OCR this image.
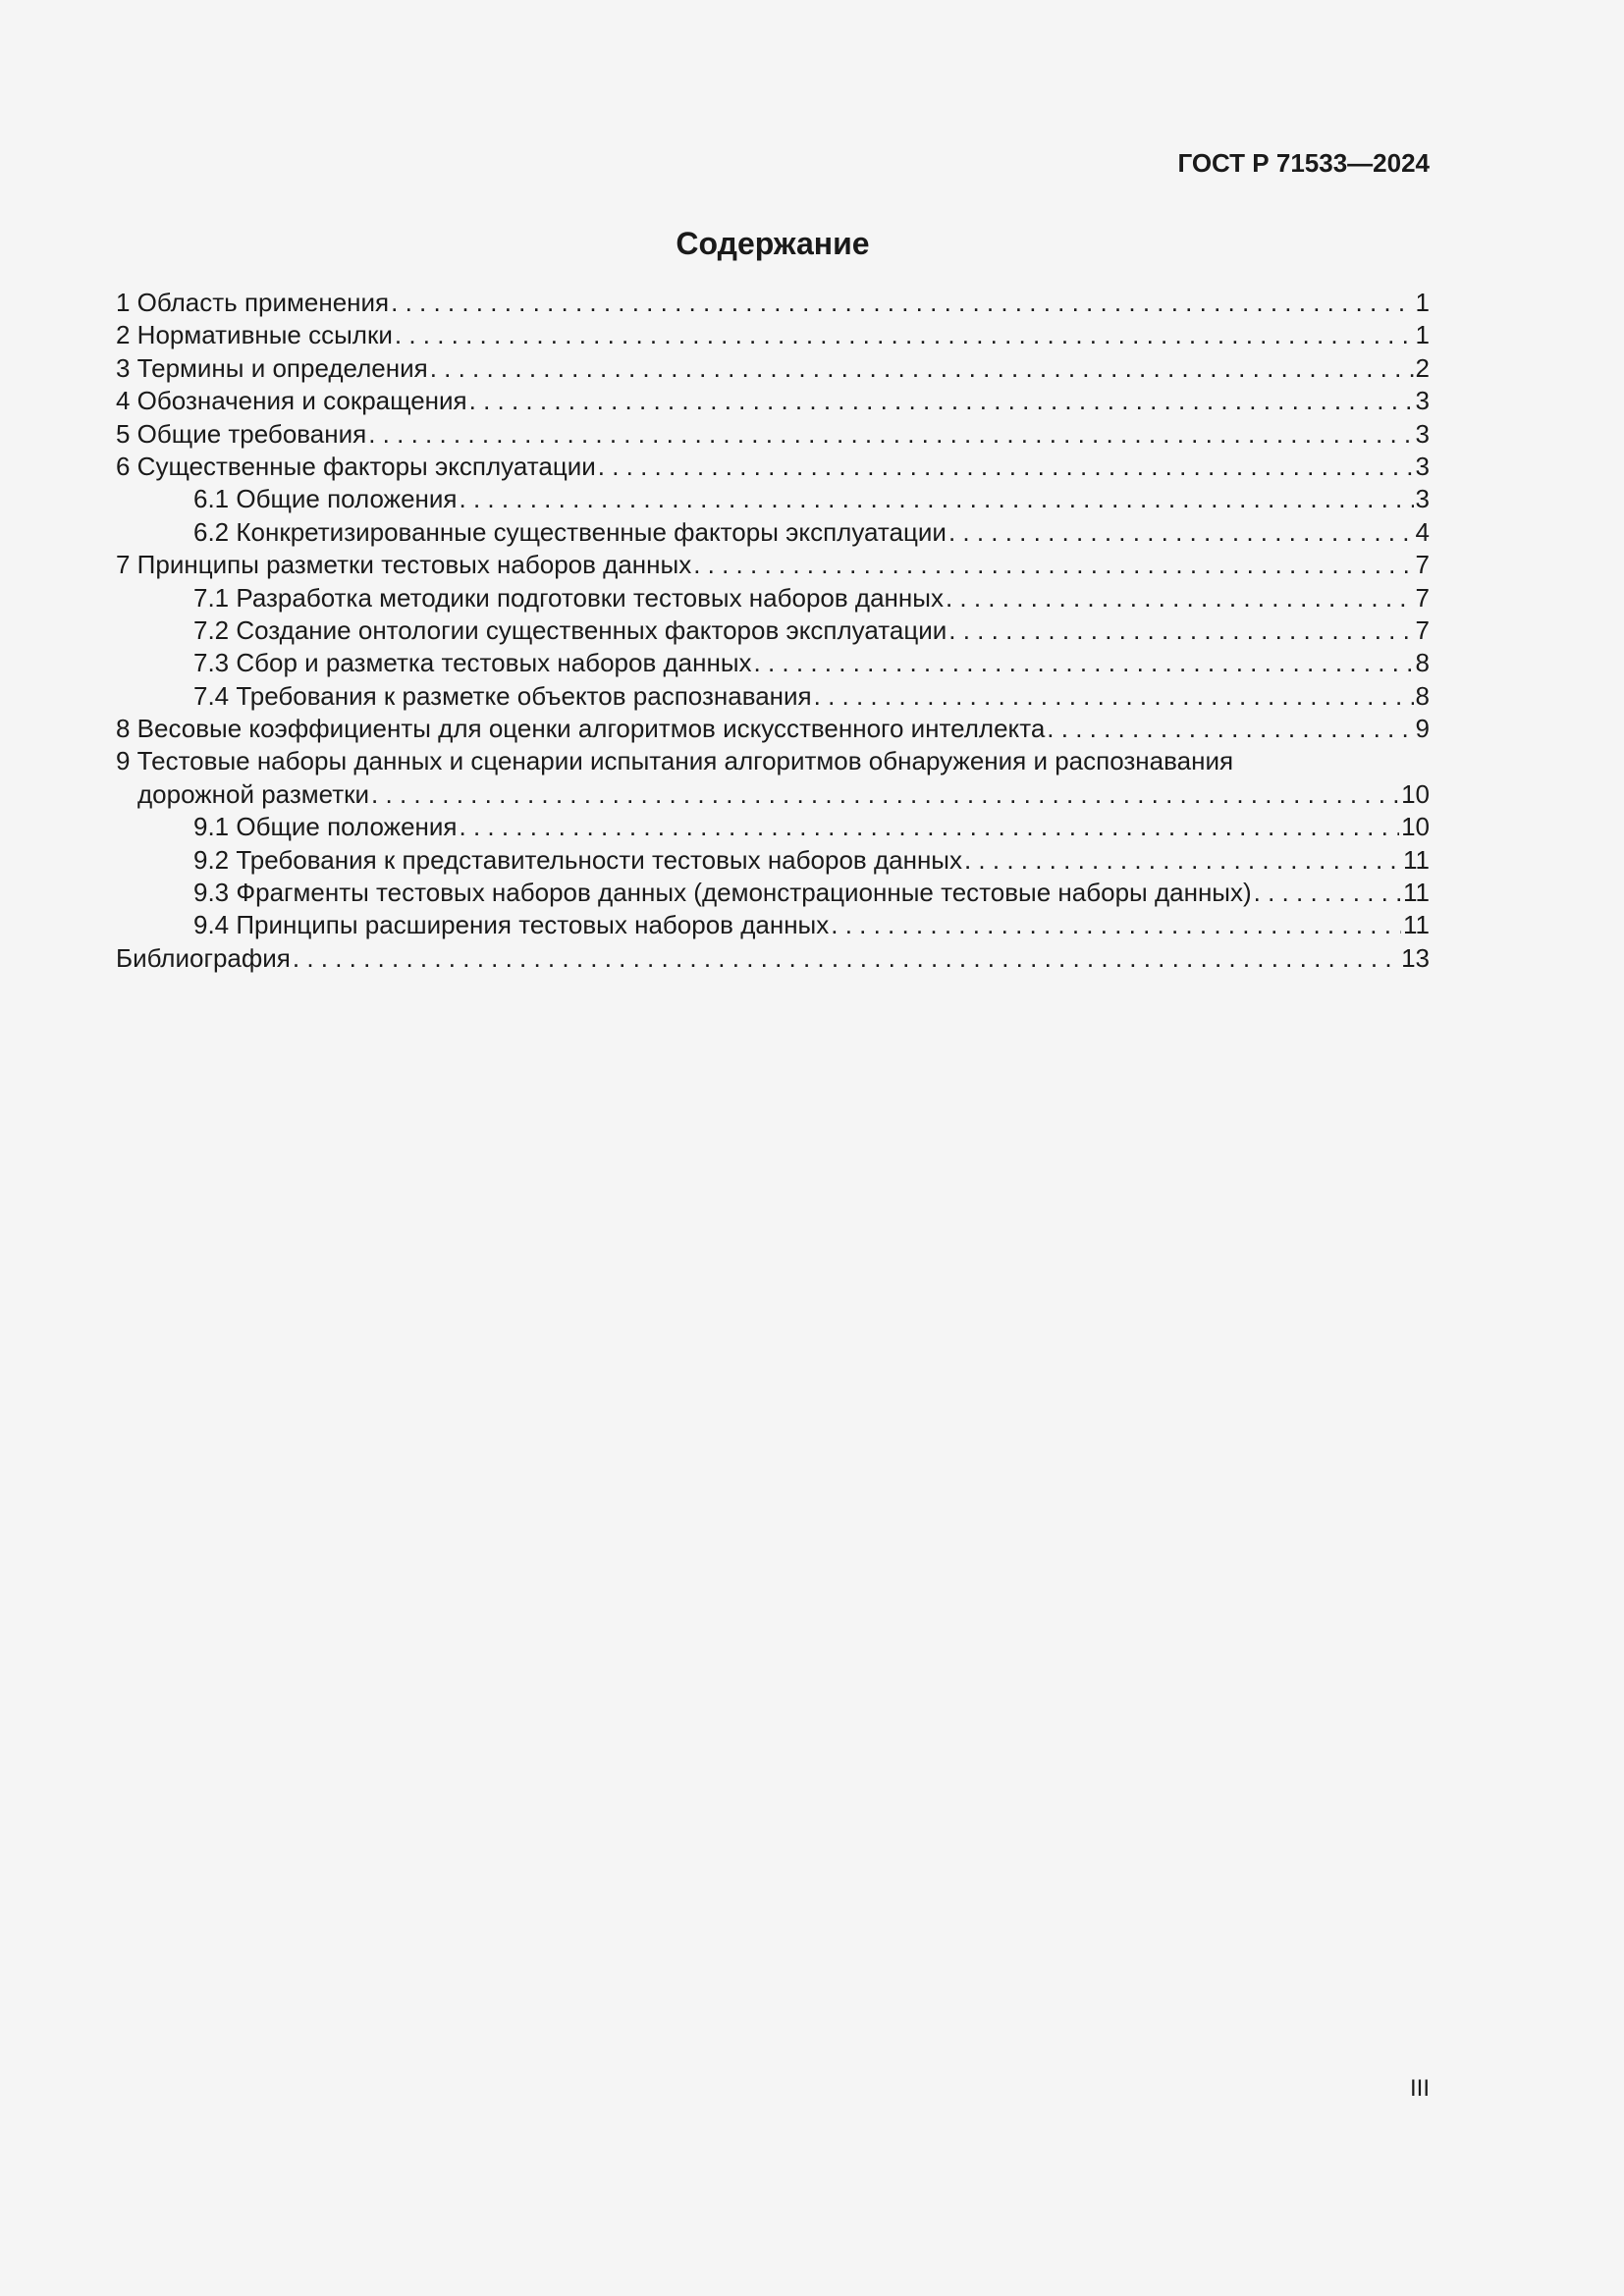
ГОСТ Р 71533—2024
Содержание
1 Область применения . . .	1
2 Нормативные ссылки . . .	1
3 Термины и определения . . .	2
4 Обозначения и сокращения . . .	3
5 Общие требования . . .	3
6 Существенные факторы эксплуатации . . .	3
6.1 Общие положения . . .	3
6.2 Конкретизированные существенные факторы эксплуатации . . .	4
7 Принципы разметки тестовых наборов данных . . .	7
7.1 Разработка методики подготовки тестовых наборов данных . . .	7
7.2 Создание онтологии существенных факторов эксплуатации . . .	7
7.3 Сбор и разметка тестовых наборов данных . . .	8
7.4 Требования к разметке объектов распознавания . . .	8
8 Весовые коэффициенты для оценки алгоритмов искусственного интеллекта . . .	9
9 Тестовые наборы данных и сценарии испытания алгоритмов обнаружения и распознавания
дорожной разметки . . .	10
9.1 Общие положения . . .	10
9.2 Требования к представительности тестовых наборов данных . . .	11
9.3 Фрагменты тестовых наборов данных (демонстрационные тестовые наборы данных) . . .	11
9.4 Принципы расширения тестовых наборов данных . . .	11
Библиография . . .	13
III
